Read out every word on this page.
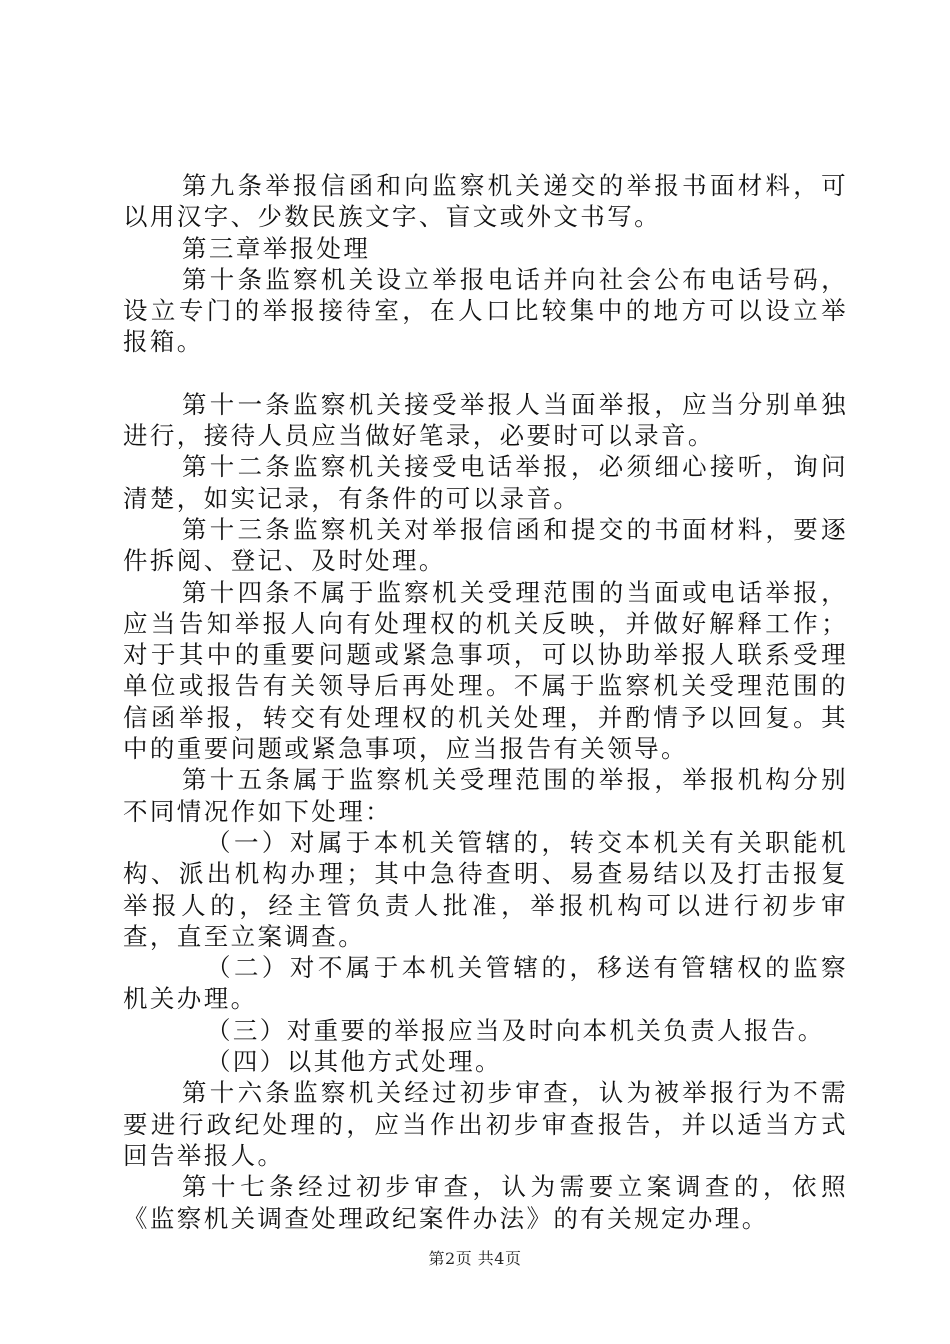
第九条举报信函和向监察机关递交的举报书面材料，可以用汉字、少数民族文字、盲文或外文书写。

第三章举报处理

第十条监察机关设立举报电话并向社会公布电话号码，设立专门的举报接待室，在人口比较集中的地方可以设立举报箱。

第十一条监察机关接受举报人当面举报，应当分别单独进行，接待人员应当做好笔录，必要时可以录音。

第十二条监察机关接受电话举报，必须细心接听，询问清楚，如实记录，有条件的可以录音。

第十三条监察机关对举报信函和提交的书面材料，要逐件拆阅、登记、及时处理。

第十四条不属于监察机关受理范围的当面或电话举报，应当告知举报人向有处理权的机关反映，并做好解释工作；对于其中的重要问题或紧急事项，可以协助举报人联系受理单位或报告有关领导后再处理。不属于监察机关受理范围的信函举报，转交有处理权的机关处理，并酌情予以回复。其中的重要问题或紧急事项，应当报告有关领导。

第十五条属于监察机关受理范围的举报，举报机构分别不同情况作如下处理：

（一）对属于本机关管辖的，转交本机关有关职能机构、派出机构办理；其中急待查明、易查易结以及打击报复举报人的，经主管负责人批准，举报机构可以进行初步审查，直至立案调查。

（二）对不属于本机关管辖的，移送有管辖权的监察机关办理。

（三）对重要的举报应当及时向本机关负责人报告。

（四）以其他方式处理。

第十六条监察机关经过初步审查，认为被举报行为不需要进行政纪处理的，应当作出初步审查报告，并以适当方式回告举报人。

第十七条经过初步审查，认为需要立案调查的，依照《监察机关调查处理政纪案件办法》的有关规定办理。

第2页 共4页
